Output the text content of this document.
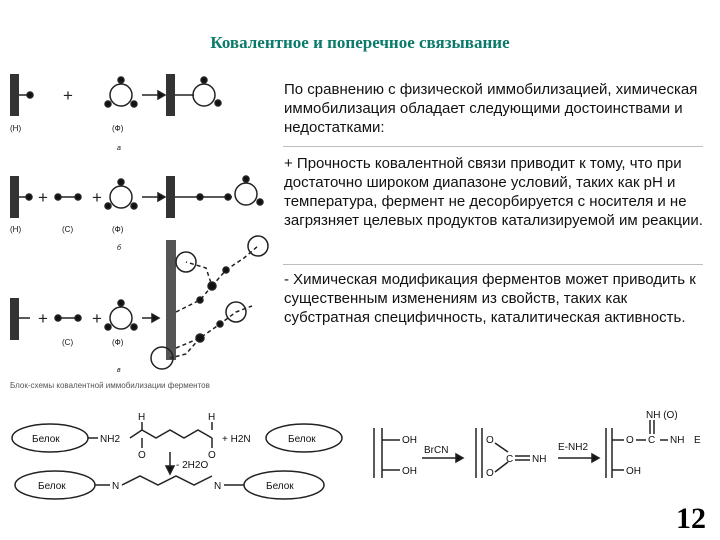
Ковалентное и поперечное связывание
По сравнению с физической иммобилизацией, химическая иммобилизация обладает следующими достоинствами и недостатками:
+ Прочность ковалентной связи приводит к тому, что при достаточно широком диапазоне условий, таких как рН и температура, фермент не десорбируется с носителя и не загрязняет целевых продуктов катализируемой им реакции.
- Химическая модификация ферментов может приводить к существенным изменениям из свойств, таких как субстратная специфичность, каталитическая активность.
(Н)	(Ф)
а
(Н)	(С)	(Ф)
б
(С)	(Ф)
в
Блок-схемы ковалентной иммобилизации ферментов
+
+	+
+	+
Белок	NH2
H
O
H
O
+ H2N	Белок
- 2H2O
Белок	N	N	Белок
OH
OH
BrCN
O
O
C NH
E-NH2
NH (O)
O C NH E
OH
12
